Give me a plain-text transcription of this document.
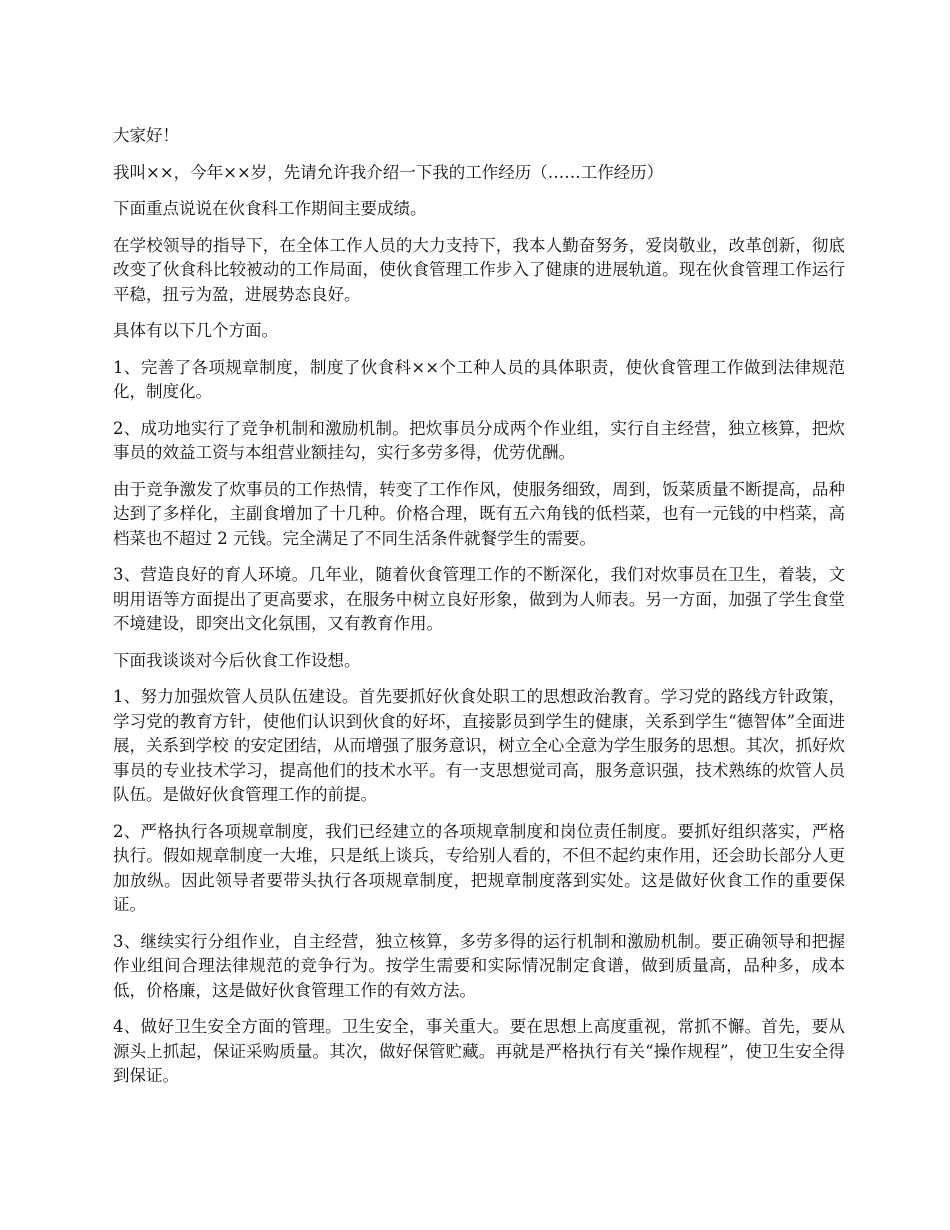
大家好！

我叫××，今年××岁，先请允许我介绍一下我的工作经历（……工作经历）

下面重点说说在伙食科工作期间主要成绩。

在学校领导的指导下，在全体工作人员的大力支持下，我本人勤奋努务，爱岗敬业，改革创新，彻底改变了伙食科比较被动的工作局面，使伙食管理工作步入了健康的进展轨道。现在伙食管理工作运行平稳，扭亏为盈，进展势态良好。

具体有以下几个方面。

1、完善了各项规章制度，制度了伙食科××个工种人员的具体职责，使伙食管理工作做到法律规范化，制度化。

2、成功地实行了竞争机制和激励机制。把炊事员分成两个作业组，实行自主经营，独立核算，把炊事员的效益工资与本组营业额挂勾，实行多劳多得，优劳优酬。

由于竞争激发了炊事员的工作热情，转变了工作作风，使服务细致，周到，饭菜质量不断提高，品种达到了多样化，主副食增加了十几种。价格合理，既有五六角钱的低档菜，也有一元钱的中档菜，高档菜也不超过 2 元钱。完全满足了不同生活条件就餐学生的需要。

3、营造良好的育人环境。几年业，随着伙食管理工作的不断深化，我们对炊事员在卫生，着装，文明用语等方面提出了更高要求，在服务中树立良好形象，做到为人师表。另一方面，加强了学生食堂不境建设，即突出文化氛围，又有教育作用。

下面我谈谈对今后伙食工作设想。

1、努力加强炊管人员队伍建设。首先要抓好伙食处职工的思想政治教育。学习党的路线方针政策，学习党的教育方针，使他们认识到伙食的好坏，直接影员到学生的健康，关系到学生“德智体”全面进展，关系到学校 的安定团结，从而增强了服务意识，树立全心全意为学生服务的思想。其次，抓好炊事员的专业技术学习，提高他们的技术水平。有一支思想觉司高，服务意识强，技术熟练的炊管人员队伍。是做好伙食管理工作的前提。

2、严格执行各项规章制度，我们已经建立的各项规章制度和岗位责任制度。要抓好组织落实，严格执行。假如规章制度一大堆，只是纸上谈兵，专给别人看的，不但不起约束作用，还会助长部分人更加放纵。因此领导者要带头执行各项规章制度，把规章制度落到实处。这是做好伙食工作的重要保证。

3、继续实行分组作业，自主经营，独立核算，多劳多得的运行机制和激励机制。要正确领导和把握作业组间合理法律规范的竞争行为。按学生需要和实际情况制定食谱，做到质量高，品种多，成本低，价格廉，这是做好伙食管理工作的有效方法。

4、做好卫生安全方面的管理。卫生安全，事关重大。要在思想上高度重视，常抓不懈。首先，要从源头上抓起，保证采购质量。其次，做好保管贮藏。再就是严格执行有关“操作规程”，使卫生安全得到保证。
